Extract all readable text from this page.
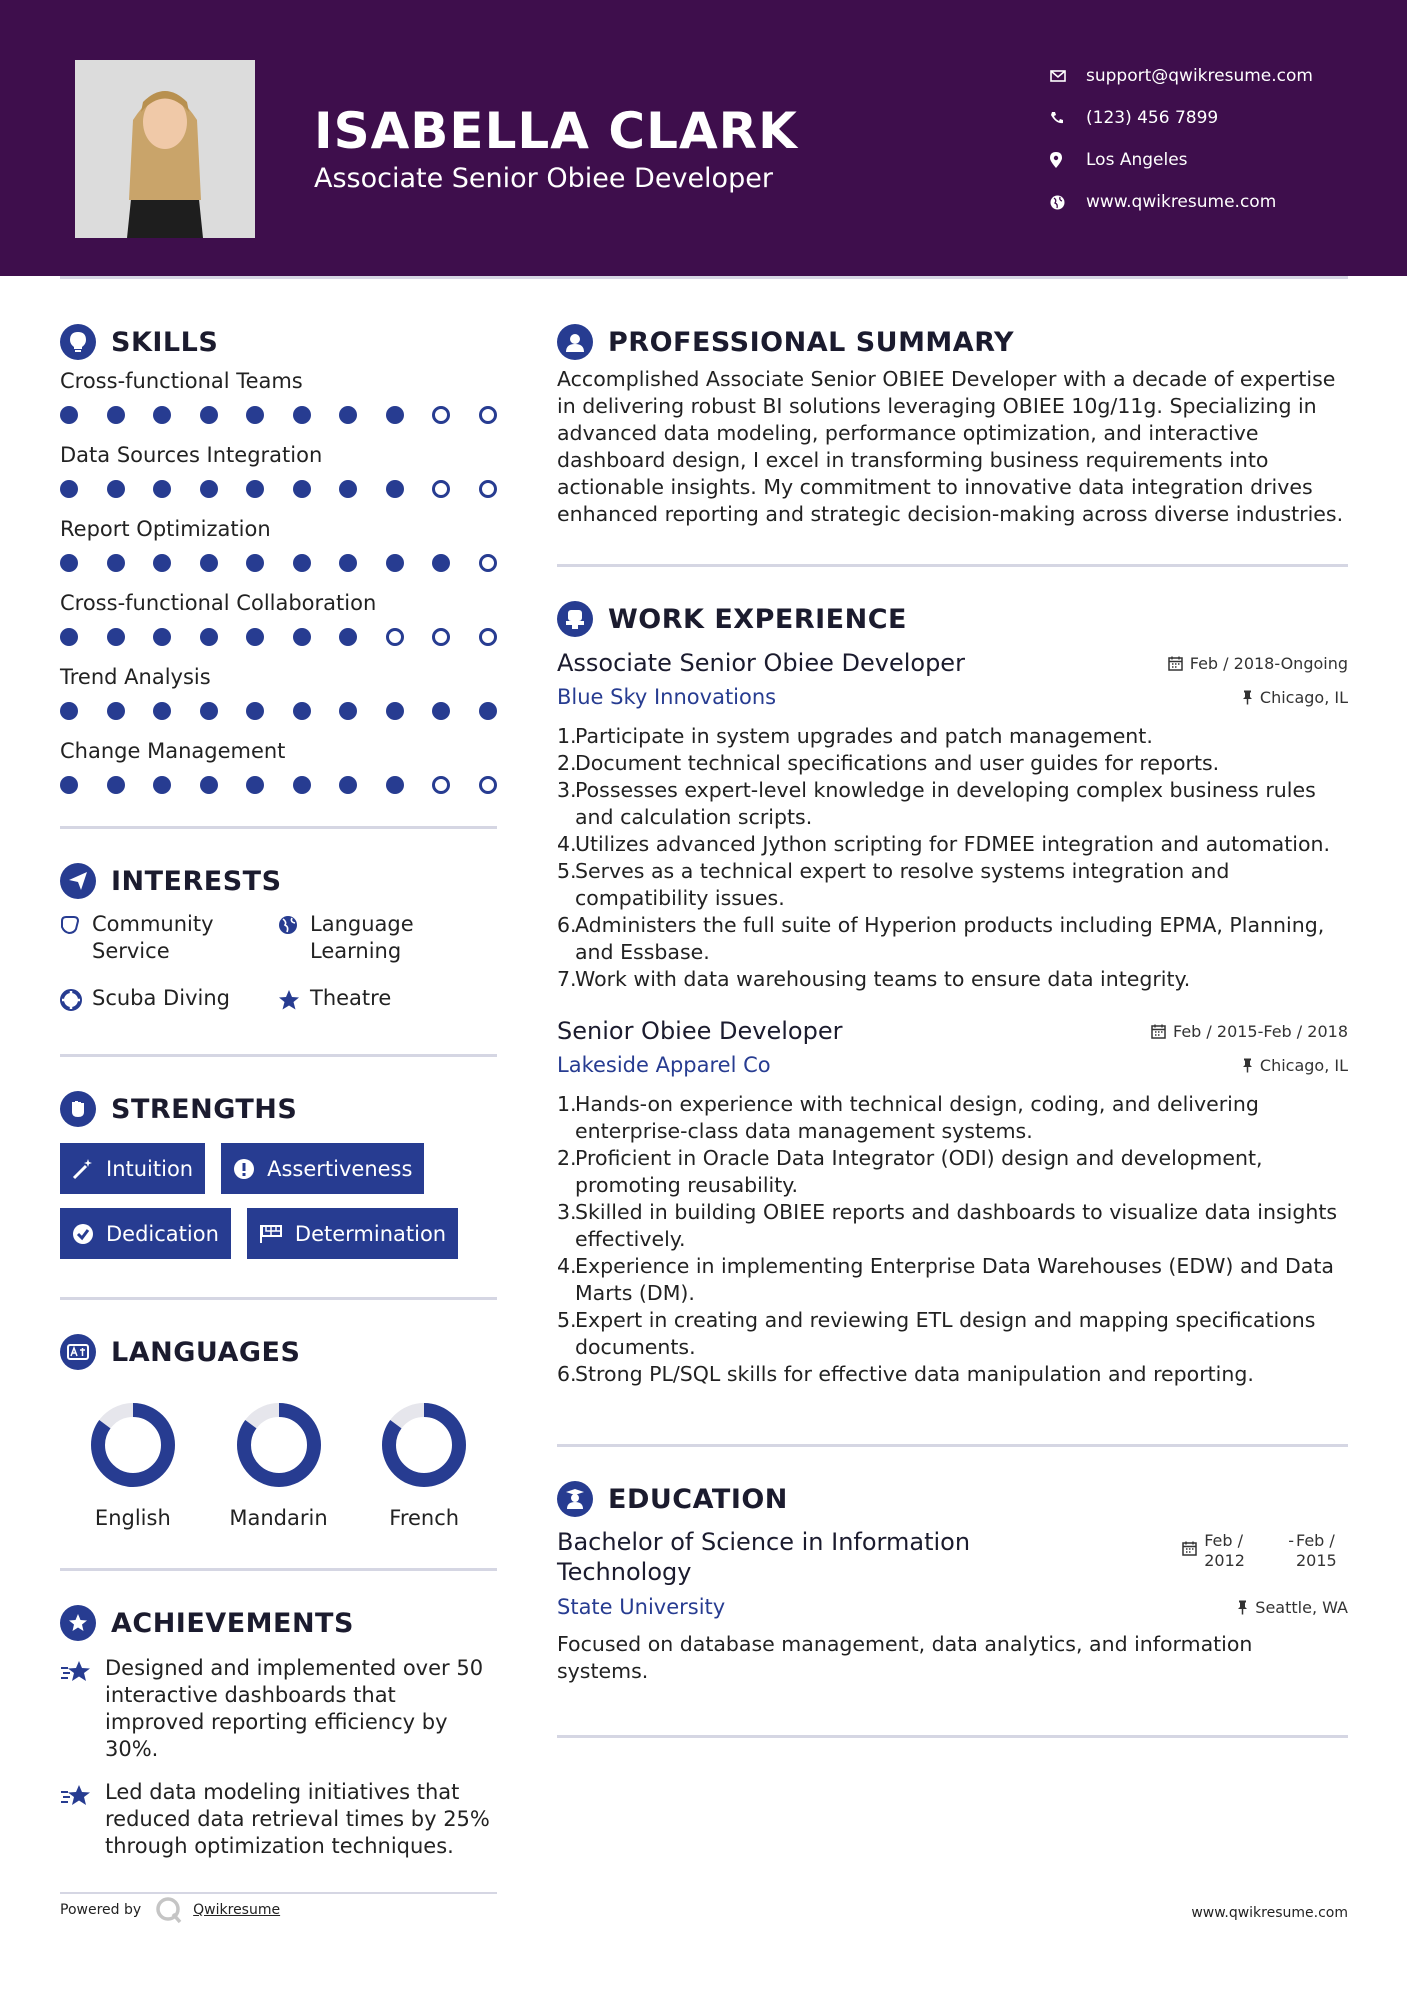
ISABELLA CLARK
Associate Senior Obiee Developer
support@qwikresume.com
(123) 456 7899
Los Angeles
www.qwikresume.com
SKILLS
Cross-functional Teams
Data Sources Integration
Report Optimization
Cross-functional Collaboration
Trend Analysis
Change Management
INTERESTS
Community Service
Language Learning
Scuba Diving	Theatre
STRENGTHS
Intuition	Assertiveness
Dedication	Determination
LANGUAGES
English	Mandarin	French
ACHIEVEMENTS
Designed and implemented over 50 interactive dashboards that improved reporting efficiency by 30%.
Led data modeling initiatives that reduced data retrieval times by 25% through optimization techniques.
PROFESSIONAL SUMMARY

Accomplished Associate Senior OBIEE Developer with a decade of expertise in delivering robust BI solutions leveraging OBIEE 10g/11g. Specializing in advanced data modeling, performance optimization, and interactive dashboard design, I excel in transforming business requirements into actionable insights. My commitment to innovative data integration drives enhanced reporting and strategic decision-making across diverse industries.

WORK EXPERIENCE
Associate Senior Obiee Developer	Feb / 2018-Ongoing
Blue Sky Innovations	Chicago, IL
1.
Participate in system upgrades and patch management.
2.
Document technical specifications and user guides for reports.
3.
Possesses expert-level knowledge in developing complex business rules and calculation scripts.
4.
Utilizes advanced Jython scripting for FDMEE integration and automation.
5.
Serves as a technical expert to resolve systems integration and compatibility issues.
6.
Administers the full suite of Hyperion products including EPMA, Planning, and Essbase.
7.
Work with data warehousing teams to ensure data integrity.
Senior Obiee Developer	Feb / 2015-Feb / 2018
Lakeside Apparel Co	Chicago, IL
1.
Hands-on experience with technical design, coding, and delivering enterprise-class data management systems.
2.
Proficient in Oracle Data Integrator (ODI) design and development, promoting reusability.
3.
Skilled in building OBIEE reports and dashboards to visualize data insights effectively.
4.
Experience in implementing Enterprise Data Warehouses (EDW) and Data Marts (DM).
5.
Expert in creating and reviewing ETL design and mapping specifications documents.
6.
Strong PL/SQL skills for effective data manipulation and reporting.
EDUCATION
Bachelor of Science in Information Technology
Feb / 2012
- Feb / 2015
State University	Seattle, WA

Focused on database management, data analytics, and information systems.

Powered by	Qwikresume	www.qwikresume.com
